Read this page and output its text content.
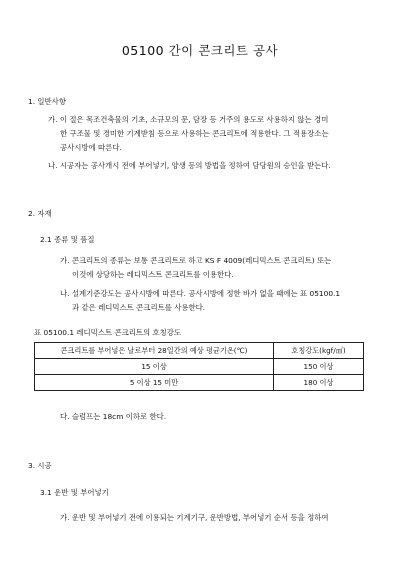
05100 간이 콘크리트 공사
1. 일반사항
가. 이 절은 목조건축물의 기초, 소규모의 문, 담장 등 거주의 용도로 사용하지 않는 경미
한 구조물 및 경미한 기계받침 등으로 사용하는 콘크리트에 적용한다. 그 적용장소는
공사시방에 따른다.
나. 시공자는 공사개시 전에 부어넣기, 양생 등의 방법을 정하여 담당원의 승인을 받는다.
2. 자재
2.1 종류 및 품질
가. 콘크리트의 종류는 보통 콘크리트로 하고 KS F 4009(레디믹스트 콘크리트) 또는
이것에 상당하는 레디믹스트 콘크리트를 이용한다.
나. 설계기준강도는 공사시방에 따른다. 공사시방에 정한 바가 없을 때에는 표 05100.1
과 같은 레디믹스트 콘크리트를 사용한다.
표 05100.1 레디믹스트 콘크리트의 호칭강도
콘크리트를 부어넣은 날로부터 28일간의 예상 평균기온(℃)	호칭강도(kgf/㎠)
15 이상	150 이상
5 이상 15 미만	180 이상
다. 슬럼프는 18cm 이하로 한다.
3. 시공
3.1 운반 및 부어넣기
가. 운반 및 부어넣기 전에 이용되는 기계기구, 운반방법, 부어넣기 순서 등을 정하여
